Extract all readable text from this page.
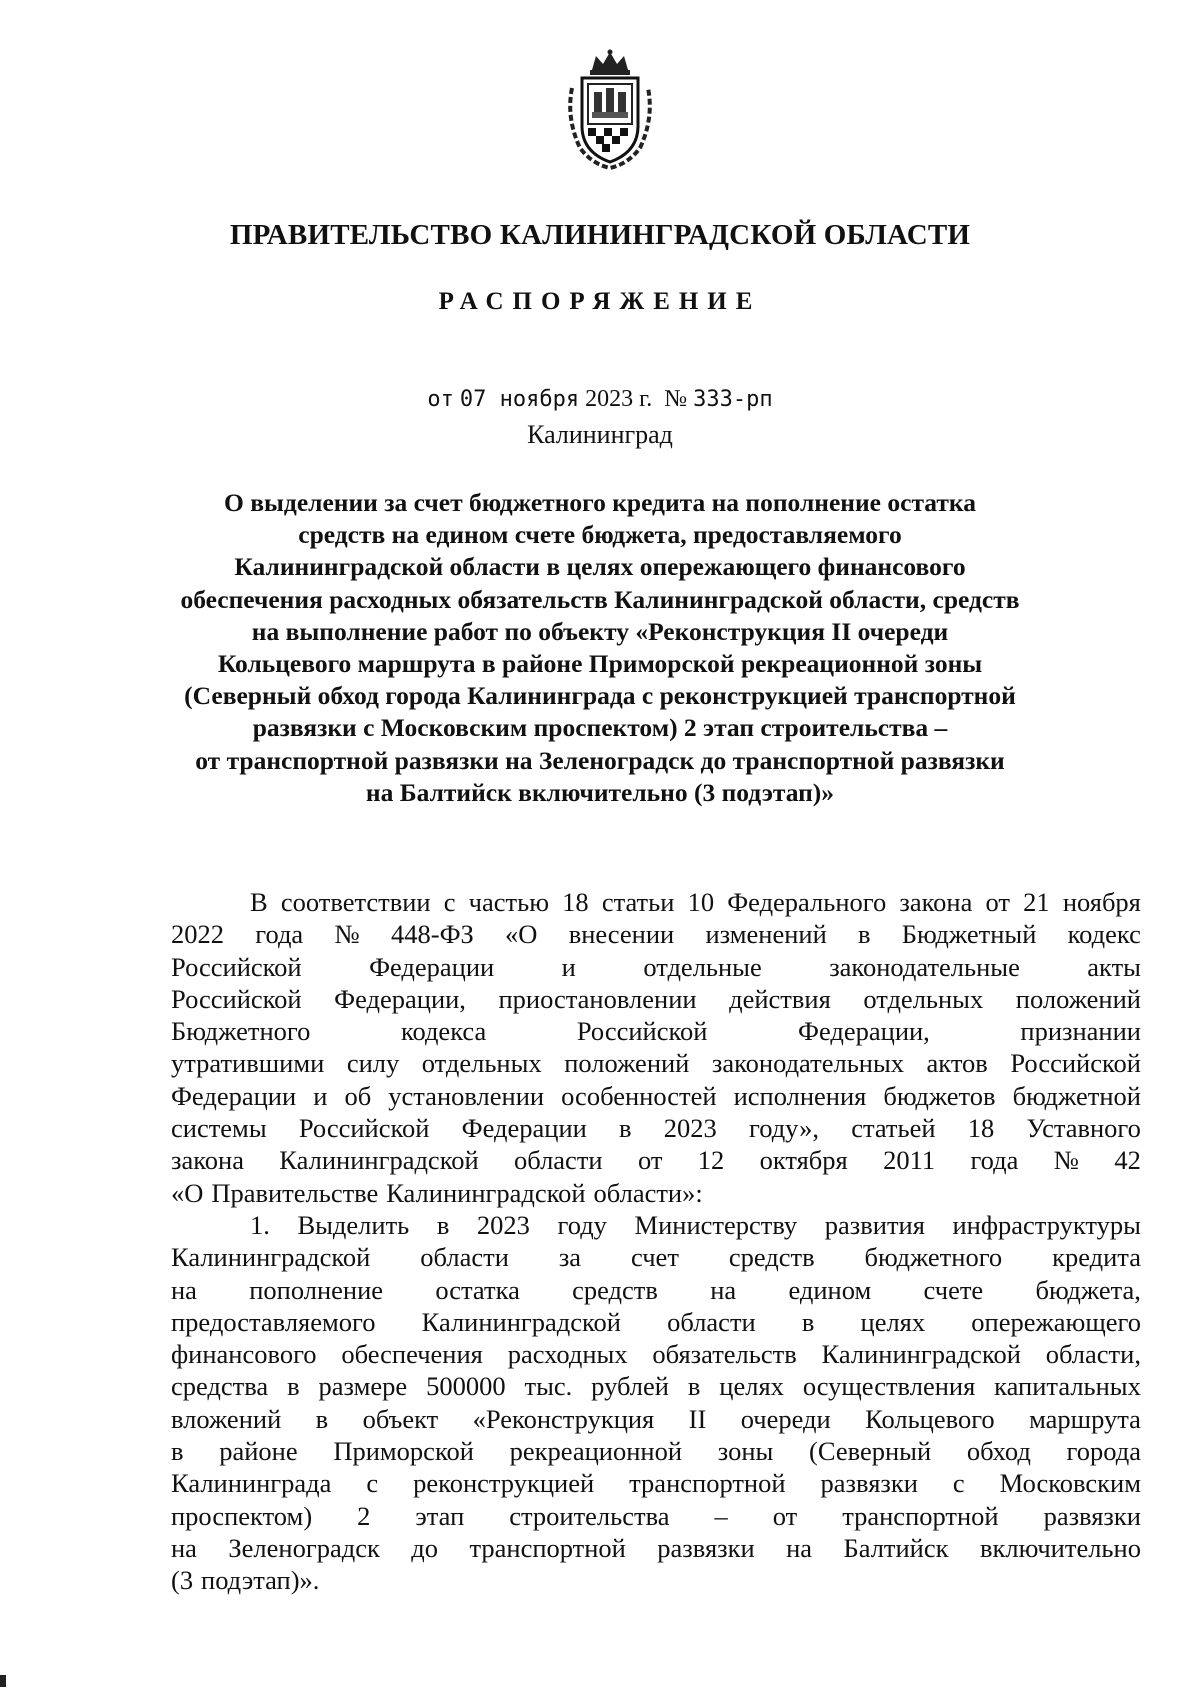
ПРАВИТЕЛЬСТВО КАЛИНИНГРАДСКОЙ ОБЛАСТИ
РАСПОРЯЖЕНИЕ
от 07 ноября 2023 г. № 333-рп
Калининград
О выделении за счет бюджетного кредита на пополнение остатка
средств на едином счете бюджета, предоставляемого
Калининградской области в целях опережающего финансового
обеспечения расходных обязательств Калининградской области, средств
на выполнение работ по объекту «Реконструкция II очереди
Кольцевого маршрута в районе Приморской рекреационной зоны
(Северный обход города Калининграда с реконструкцией транспортной
развязки с Московским проспектом) 2 этап строительства –
от транспортной развязки на Зеленоградск до транспортной развязки
на Балтийск включительно (3 подэтап)»
В соответствии с частью 18 статьи 10 Федерального закона от 21 ноября
2022 года № 448-ФЗ «О внесении изменений в Бюджетный кодекс
Российской	Федерации	и	отдельные	законодательные	акты
Российской Федерации, приостановлении действия отдельных положений
Бюджетного	кодекса	Российской	Федерации,	признании
утратившими силу отдельных положений законодательных актов Российской
Федерации и об установлении особенностей исполнения бюджетов бюджетной
системы Российской Федерации в 2023 году», статьей 18 Уставного
закона Калининградской области от 12 октября 2011 года № 42
«О Правительстве Калининградской области»:
1. Выделить в 2023 году Министерству развития инфраструктуры
Калининградской области за счет средств бюджетного кредита
на пополнение остатка средств на едином счете бюджета,
предоставляемого Калининградской области в целях опережающего
финансового обеспечения расходных обязательств Калининградской области,
средства в размере 500000 тыс. рублей в целях осуществления капитальных
вложений в объект «Реконструкция II очереди Кольцевого маршрута
в районе Приморской рекреационной зоны (Северный обход города
Калининграда с реконструкцией транспортной развязки с Московским
проспектом) 2 этап строительства – от транспортной развязки
на Зеленоградск до транспортной развязки на Балтийск включительно
(3 подэтап)».
